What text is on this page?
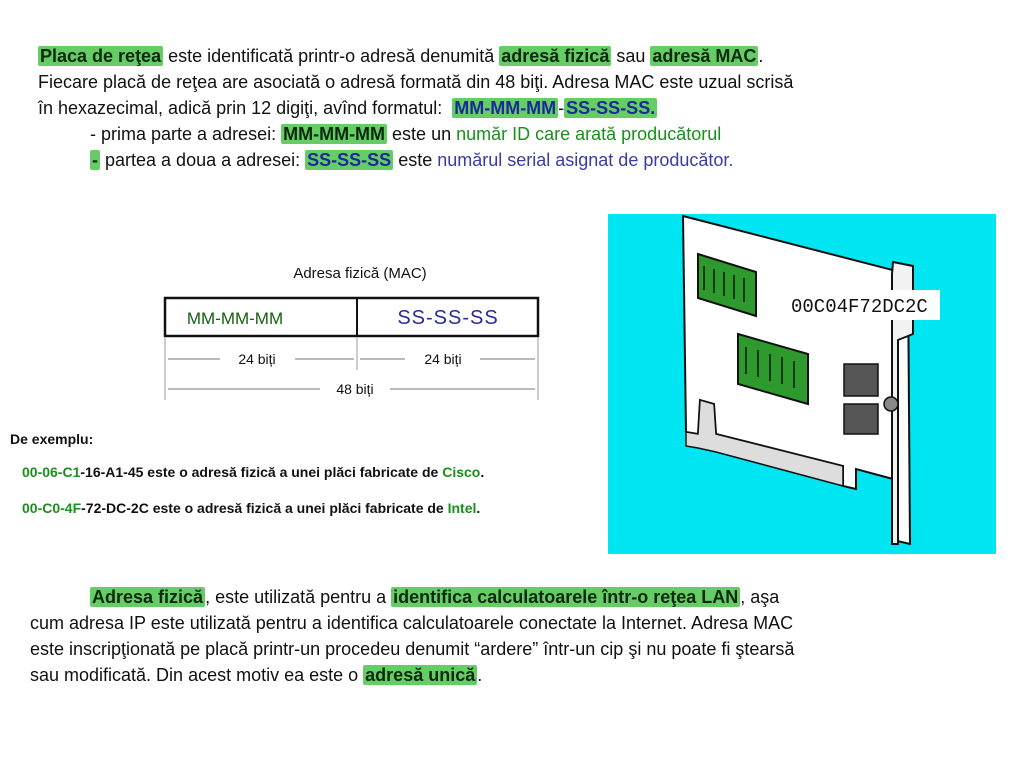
Placa de reţea este identificată printr-o adresă denumită adresă fizică sau adresă MAC .
Fiecare placă de reţea are asociată o adresă formată din 48 biţi. Adresa MAC este uzual scrisă
în hexazecimal, adică prin 12 digiţi, avînd formatul:  MM-MM-MM - SS-SS-SS.
- prima parte a adresei: MM-MM-MM este un număr ID care arată producătorul
- partea a doua a adresei: SS-SS-SS este numărul serial asignat de producător.
Adresa fizică (MAC)
MM-MM-MM	SS-SS-SS
24 biți	24 biți
48 biți
De exemplu:
00-06-C1-16-A1-45 este o adresă fizică a unei plăci fabricate de Cisco.
00-C0-4F-72-DC-2C este o adresă fizică a unei plăci fabricate de Intel.
00C04F72DC2C
Adresa fizică , este utilizată pentru a identifica calculatoarele într-o reţea LAN , aşa
cum adresa IP este utilizată pentru a identifica calculatoarele conectate la Internet. Adresa MAC
este inscripţionată pe placă printr-un procedeu denumit “ardere” într-un cip şi nu poate fi ştearsă
sau modificată. Din acest motiv ea este o adresă unică .
